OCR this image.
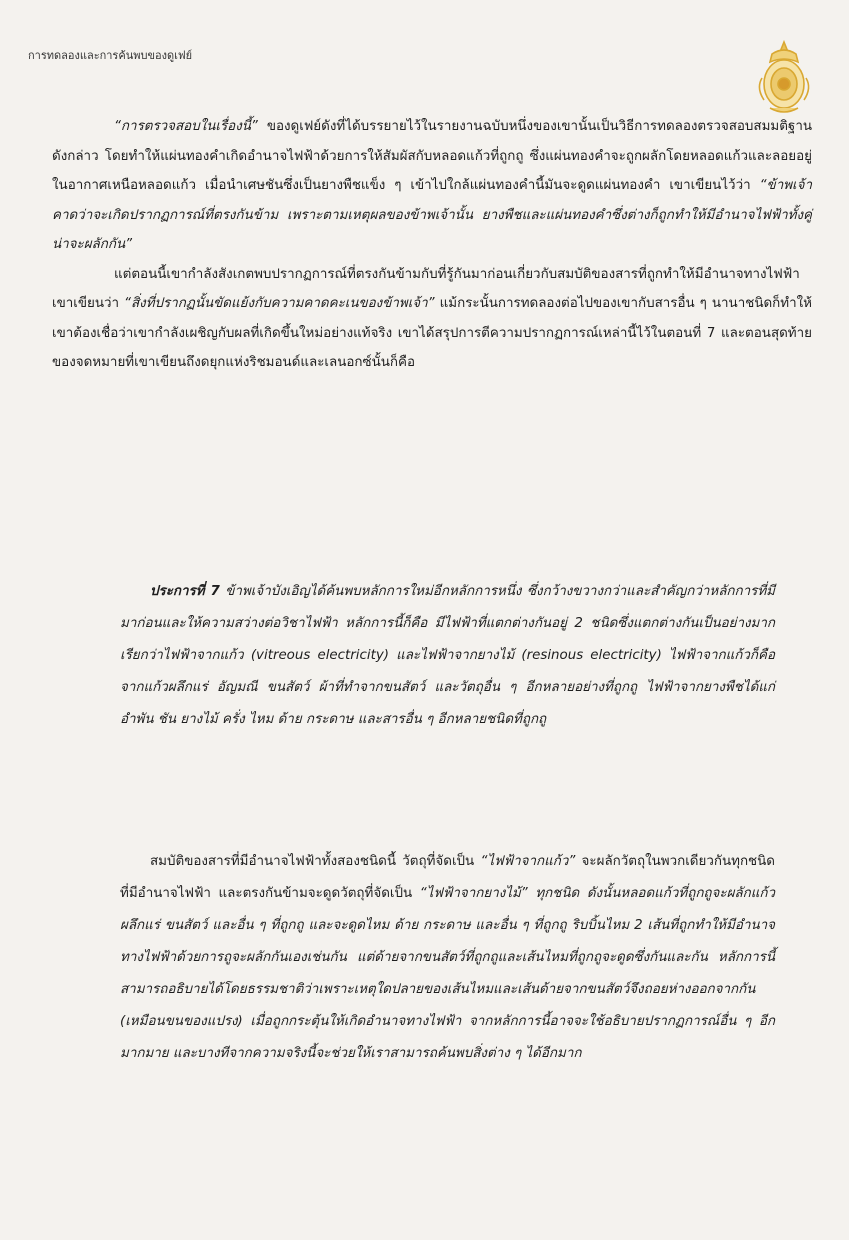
การทดลองและการค้นพบของดูเฟย์

“การตรวจสอบในเรื่องนี้” ของดูเฟย์ดังที่ได้บรรยายไว้ในรายงานฉบับหนึ่งของเขานั้นเป็นวิธีการทดลองตรวจสอบสมมติฐานดังกล่าว โดยทำให้แผ่นทองคำเกิดอำนาจไฟฟ้าด้วยการให้สัมผัสกับหลอดแก้วที่ถูกถู ซึ่งแผ่นทองคำจะถูกผลักโดยหลอดแก้วและลอยอยู่ในอากาศเหนือหลอดแก้ว เมื่อนำเศษชันซึ่งเป็นยางพืชแข็ง ๆ เข้าไปใกล้แผ่นทองคำนี้มันจะดูดแผ่นทองคำ เขาเขียนไว้ว่า “ข้าพเจ้าคาดว่าจะเกิดปรากฏการณ์ที่ตรงกันข้าม เพราะตามเหตุผลของข้าพเจ้านั้น ยางพืชและแผ่นทองคำซึ่งต่างก็ถูกทำให้มีอำนาจไฟฟ้าทั้งคู่น่าจะผลักกัน”

แต่ตอนนี้เขากำลังสังเกตพบปรากฏการณ์ที่ตรงกันข้ามกับที่รู้กันมาก่อนเกี่ยวกับสมบัติของสารที่ถูกทำให้มีอำนาจทางไฟฟ้า เขาเขียนว่า “สิ่งที่ปรากฏนั้นขัดแย้งกับความคาดคะเนของข้าพเจ้า” แม้กระนั้นการทดลองต่อไปของเขากับสารอื่น ๆ นานาชนิดก็ทำให้เขาต้องเชื่อว่าเขากำลังเผชิญกับผลที่เกิดขึ้นใหม่อย่างแท้จริง เขาได้สรุปการตีความปรากฏการณ์เหล่านี้ไว้ในตอนที่ 7 และตอนสุดท้ายของจดหมายที่เขาเขียนถึงดยุกแห่งริชมอนด์และเลนอกซ์นั้นก็คือ

ประการที่ 7 ข้าพเจ้าบังเอิญได้ค้นพบหลักการใหม่อีกหลักการหนึ่ง ซึ่งกว้างขวางกว่าและสำคัญกว่าหลักการที่มีมาก่อนและให้ความสว่างต่อวิชาไฟฟ้า หลักการนี้ก็คือ มีไฟฟ้าที่แตกต่างกันอยู่ 2 ชนิดซึ่งแตกต่างกันเป็นอย่างมาก เรียกว่าไฟฟ้าจากแก้ว (vitreous electricity) และไฟฟ้าจากยางไม้ (resinous electricity) ไฟฟ้าจากแก้วก็คือจากแก้วผลึกแร่ อัญมณี ขนสัตว์ ผ้าที่ทำจากขนสัตว์ และวัตถุอื่น ๆ อีกหลายอย่างที่ถูกถู ไฟฟ้าจากยางพืชได้แก่ อำพัน ชัน ยางไม้ ครั่ง ไหม ด้าย กระดาษ และสารอื่น ๆ อีกหลายชนิดที่ถูกถู

สมบัติของสารที่มีอำนาจไฟฟ้าทั้งสองชนิดนี้ วัตถุที่จัดเป็น “ไฟฟ้าจากแก้ว” จะผลักวัตถุในพวกเดียวกันทุกชนิดที่มีอำนาจไฟฟ้า และตรงกันข้ามจะดูดวัตถุที่จัดเป็น “ไฟฟ้าจากยางไม้” ทุกชนิด ดังนั้นหลอดแก้วที่ถูกถูจะผลักแก้ว ผลึกแร่ ขนสัตว์ และอื่น ๆ ที่ถูกถู และจะดูดไหม ด้าย กระดาษ และอื่น ๆ ที่ถูกถู ริบบิ้นไหม 2 เส้นที่ถูกทำให้มีอำนาจทางไฟฟ้าด้วยการถูจะผลักกันเองเช่นกัน แต่ด้ายจากขนสัตว์ที่ถูกถูและเส้นไหมที่ถูกถูจะดูดซึ่งกันและกัน หลักการนี้สามารถอธิบายได้โดยธรรมชาติว่าเพราะเหตุใดปลายของเส้นไหมและเส้นด้ายจากขนสัตว์จึงถอยห่างออกจากกัน (เหมือนขนของแปรง) เมื่อถูกกระตุ้นให้เกิดอำนาจทางไฟฟ้า จากหลักการนี้อาจจะใช้อธิบายปรากฏการณ์อื่น ๆ อีกมากมาย และบางทีจากความจริงนี้จะช่วยให้เราสามารถค้นพบสิ่งต่าง ๆ ได้อีกมาก
